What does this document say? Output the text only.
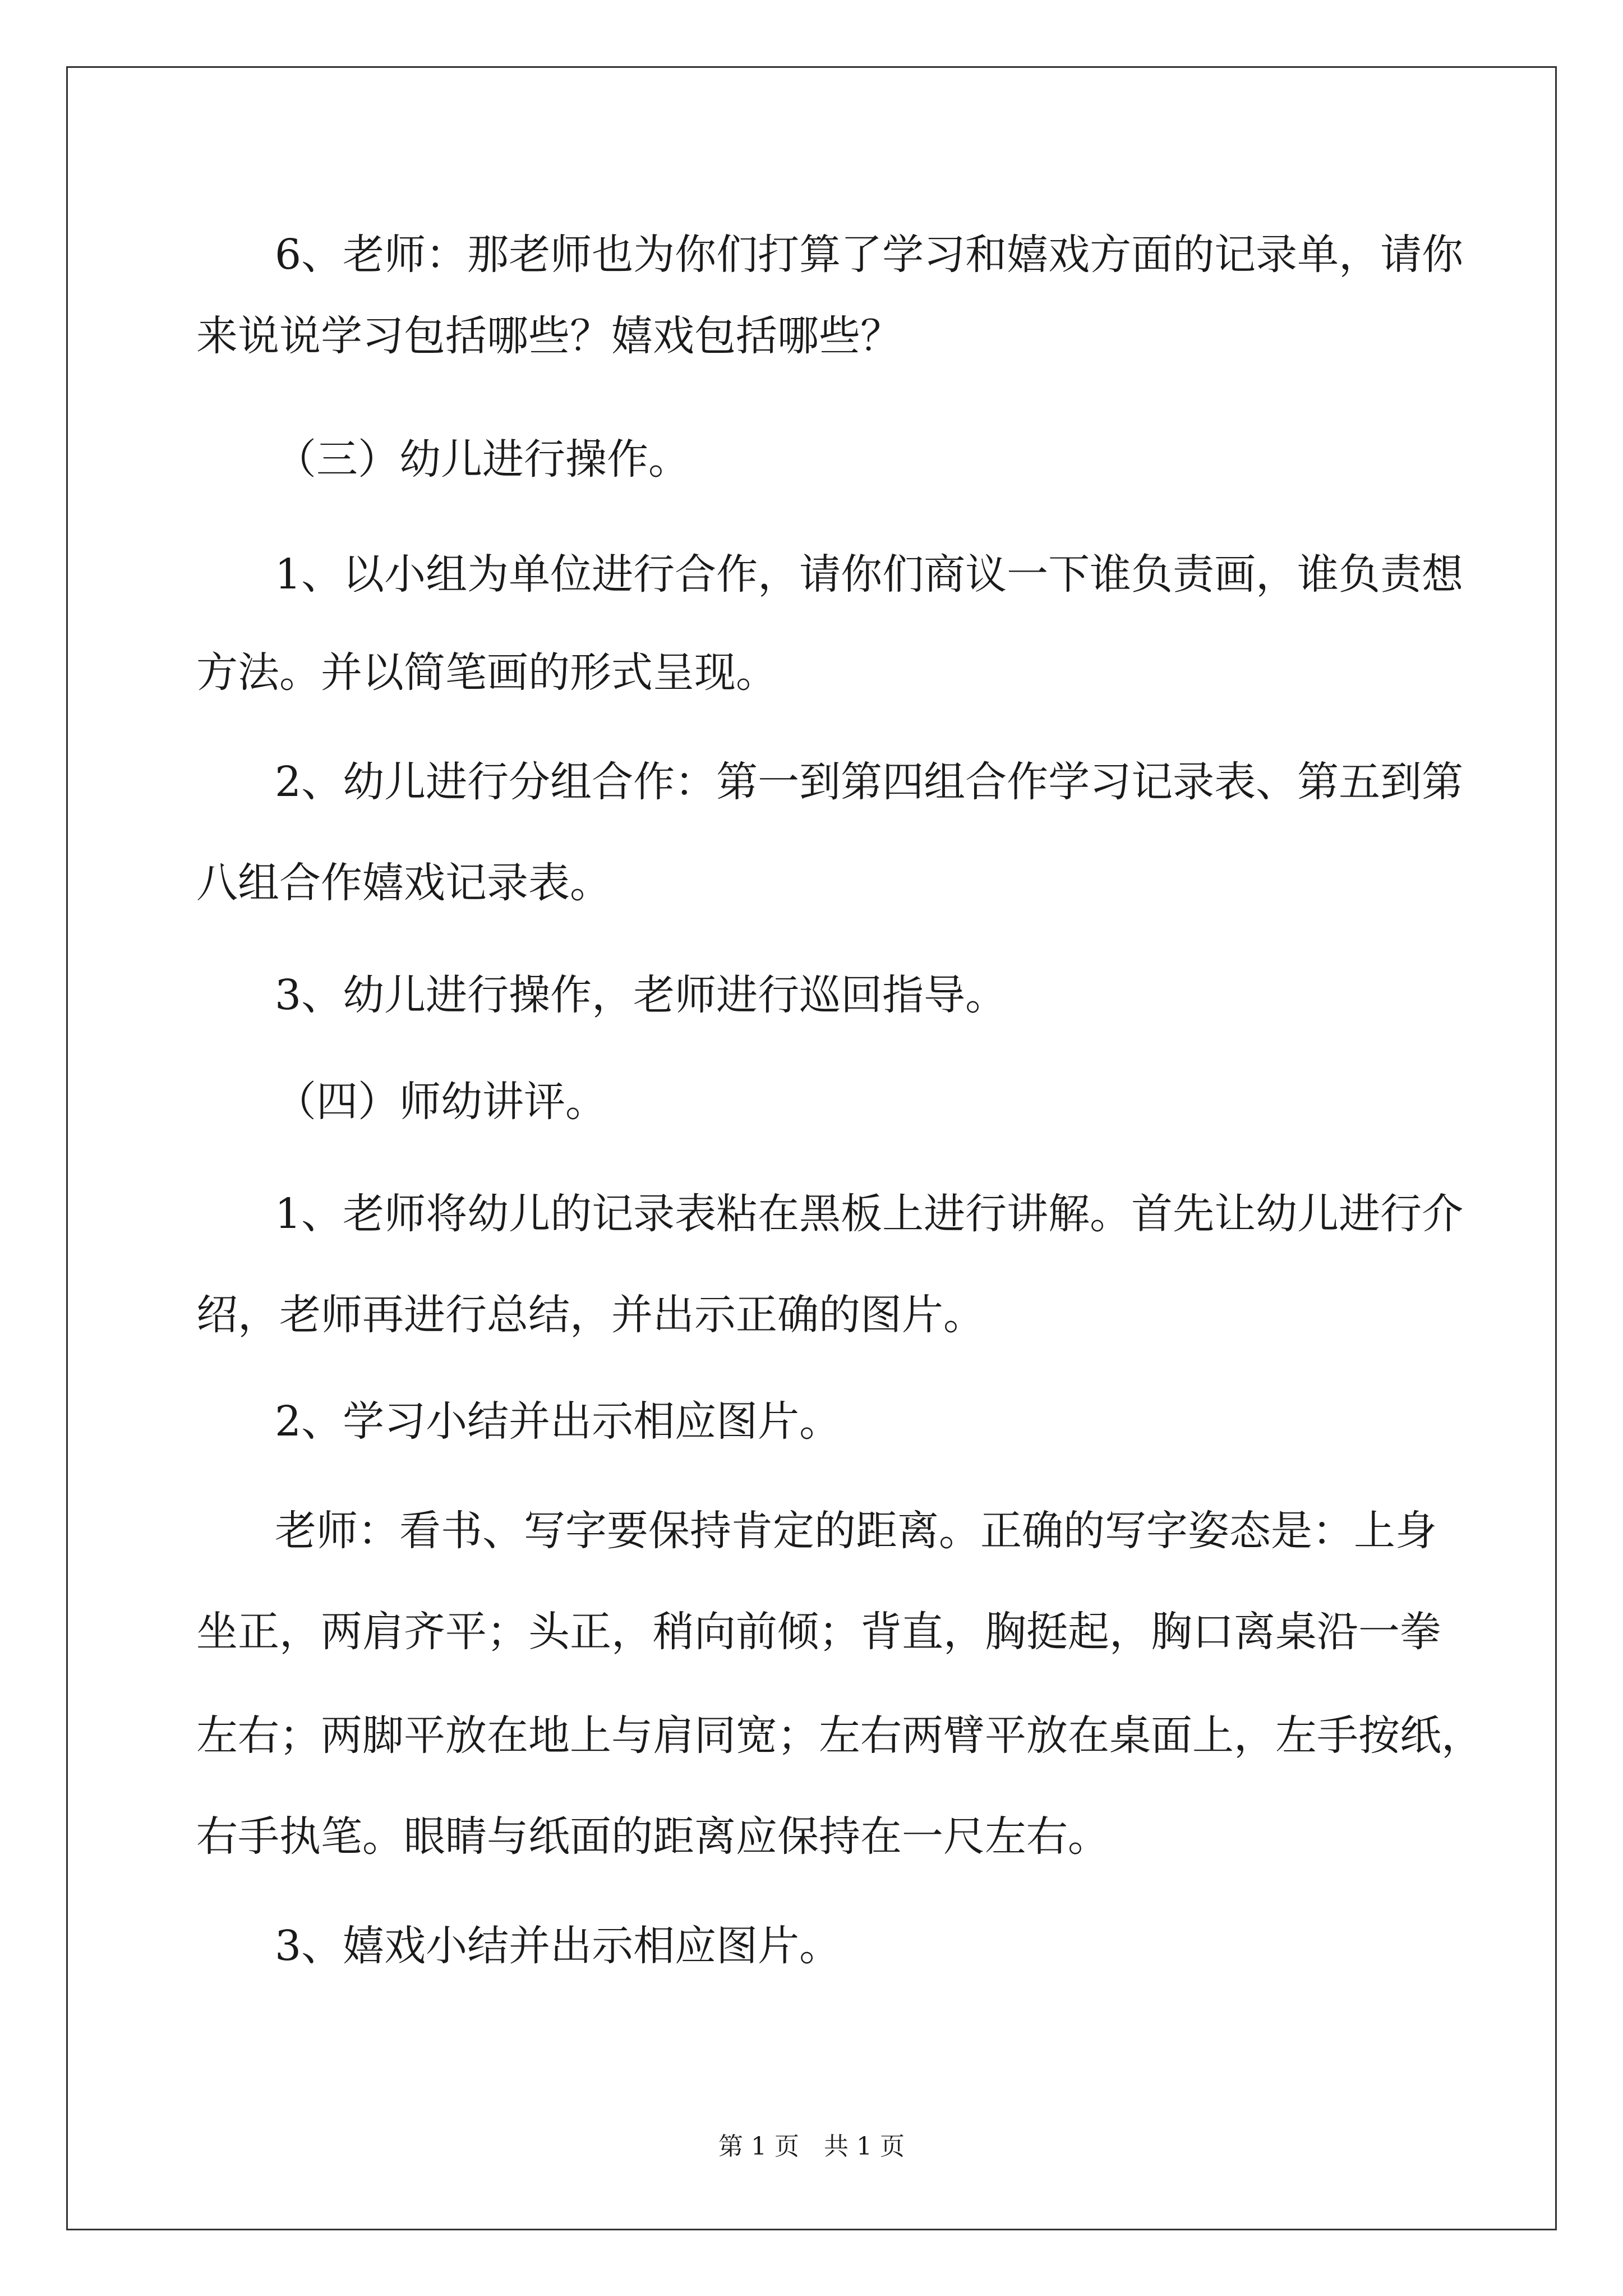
6、老师：那老师也为你们打算了学习和嬉戏方面的记录单，请你

来说说学习包括哪些？嬉戏包括哪些？

（三）幼儿进行操作。

1、以小组为单位进行合作，请你们商议一下谁负责画，谁负责想

方法。并以简笔画的形式呈现。

2、幼儿进行分组合作：第一到第四组合作学习记录表、第五到第

八组合作嬉戏记录表。

3、幼儿进行操作，老师进行巡回指导。

（四）师幼讲评。

1、老师将幼儿的记录表粘在黑板上进行讲解。首先让幼儿进行介

绍，老师再进行总结，并出示正确的图片。

2、学习小结并出示相应图片。

老师：看书、写字要保持肯定的距离。正确的写字姿态是：上身

坐正，两肩齐平；头正，稍向前倾；背直，胸挺起，胸口离桌沿一拳

左右；两脚平放在地上与肩同宽；左右两臂平放在桌面上，左手按纸，

右手执笔。眼睛与纸面的距离应保持在一尺左右。

3、嬉戏小结并出示相应图片。

第 1 页　共 1 页
